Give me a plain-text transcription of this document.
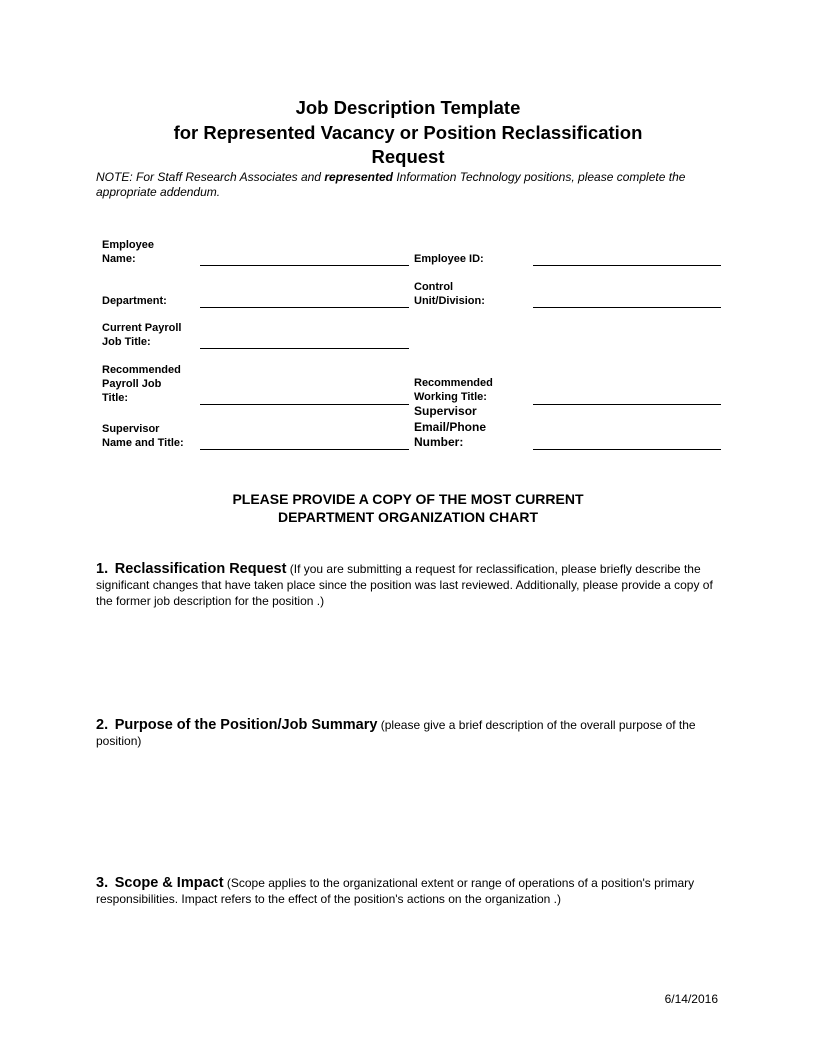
Job Description Template
for Represented Vacancy or Position Reclassification
Request
NOTE: For Staff Research Associates and represented Information Technology positions, please complete the appropriate addendum.
Employee
Name:	Employee ID:
Department:
Control
Unit/Division:
Current Payroll
Job Title:
Recommended
Payroll Job
Title:
Recommended
Working Title:
Supervisor
Name and Title:
Supervisor
Email/Phone
Number:
PLEASE PROVIDE A COPY OF THE MOST CURRENT
DEPARTMENT ORGANIZATION CHART
1. Reclassification Request (If you are submitting a request for reclassification, please briefly describe the significant changes that have taken place since the position was last reviewed. Additionally, please provide a copy of the former job description for the position .)
2. Purpose of the Position/Job Summary (please give a brief description of the overall purpose of the position)
3. Scope & Impact (Scope applies to the organizational extent or range of operations of a position's primary responsibilities. Impact refers to the effect of the position's actions on the organization .)
6/14/2016
